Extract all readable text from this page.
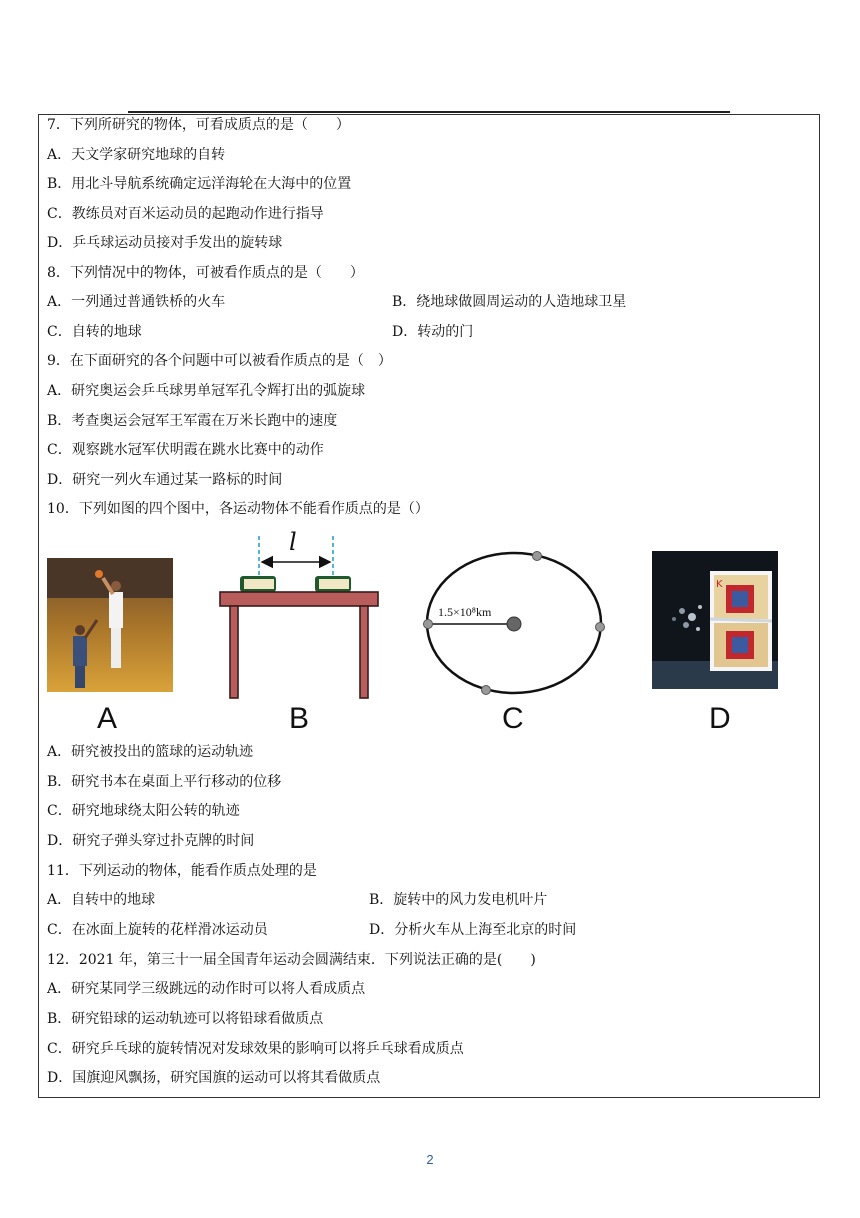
7．下列所研究的物体，可看成质点的是（　　）
A．天文学家研究地球的自转
B．用北斗导航系统确定远洋海轮在大海中的位置
C．教练员对百米运动员的起跑动作进行指导
D．乒乓球运动员接对手发出的旋转球
8．下列情况中的物体，可被看作质点的是（　　）
A．一列通过普通铁桥的火车	B．绕地球做圆周运动的人造地球卫星
C．自转的地球	D．转动的门
9．在下面研究的各个问题中可以被看作质点的是（　）
A．研究奥运会乒乓球男单冠军孔令辉打出的弧旋球
B．考查奥运会冠军王军霞在万米长跑中的速度
C．观察跳水冠军伏明霞在跳水比赛中的动作
D．研究一列火车通过某一路标的时间
10．下列如图的四个图中，各运动物体不能看作质点的是（）
A
l
B
1.5×10⁸km
C
K
D
A．研究被投出的篮球的运动轨迹
B．研究书本在桌面上平行移动的位移
C．研究地球绕太阳公转的轨迹
D．研究子弹头穿过扑克牌的时间
11．下列运动的物体，能看作质点处理的是
A．自转中的地球	B．旋转中的风力发电机叶片
C．在冰面上旋转的花样滑冰运动员	D．分析火车从上海至北京的时间
12．2021 年，第三十一届全国青年运动会圆满结束．下列说法正确的是(　　)
A．研究某同学三级跳远的动作时可以将人看成质点
B．研究铅球的运动轨迹可以将铅球看做质点
C．研究乒乓球的旋转情况对发球效果的影响可以将乒乓球看成质点
D．国旗迎风飘扬，研究国旗的运动可以将其看做质点
2
